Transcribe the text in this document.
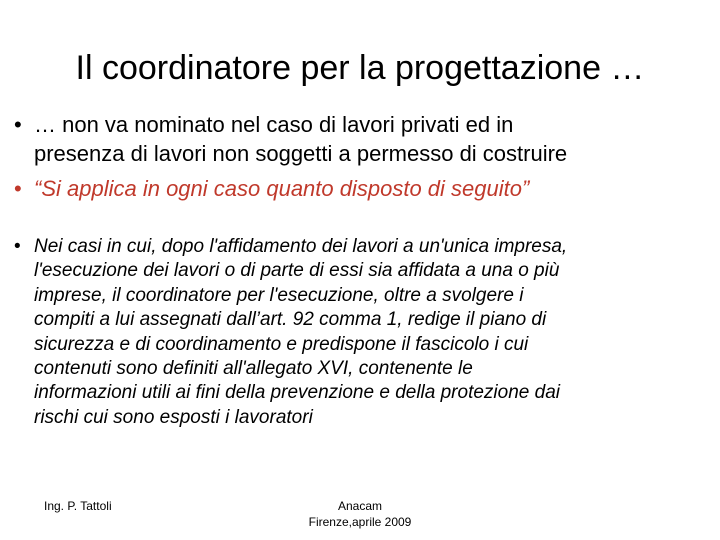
Il coordinatore per la progettazione …
• … non va nominato nel caso di lavori privati ed in
presenza di lavori non soggetti a permesso di costruire
• “Si applica in ogni caso quanto disposto di seguito”
• Nei casi in cui, dopo l'affidamento dei lavori a un'unica impresa,
l'esecuzione dei lavori o di parte di essi sia affidata a una o più
imprese, il coordinatore per l'esecuzione, oltre a svolgere i
compiti a lui assegnati dall’art. 92 comma 1, redige il piano di
sicurezza e di coordinamento e predispone il fascicolo i cui
contenuti sono definiti all'allegato XVI, contenente le
informazioni utili ai fini della prevenzione e della protezione dai
rischi cui sono esposti i lavoratori
Ing. P. Tattoli	Anacam
Firenze,aprile 2009
